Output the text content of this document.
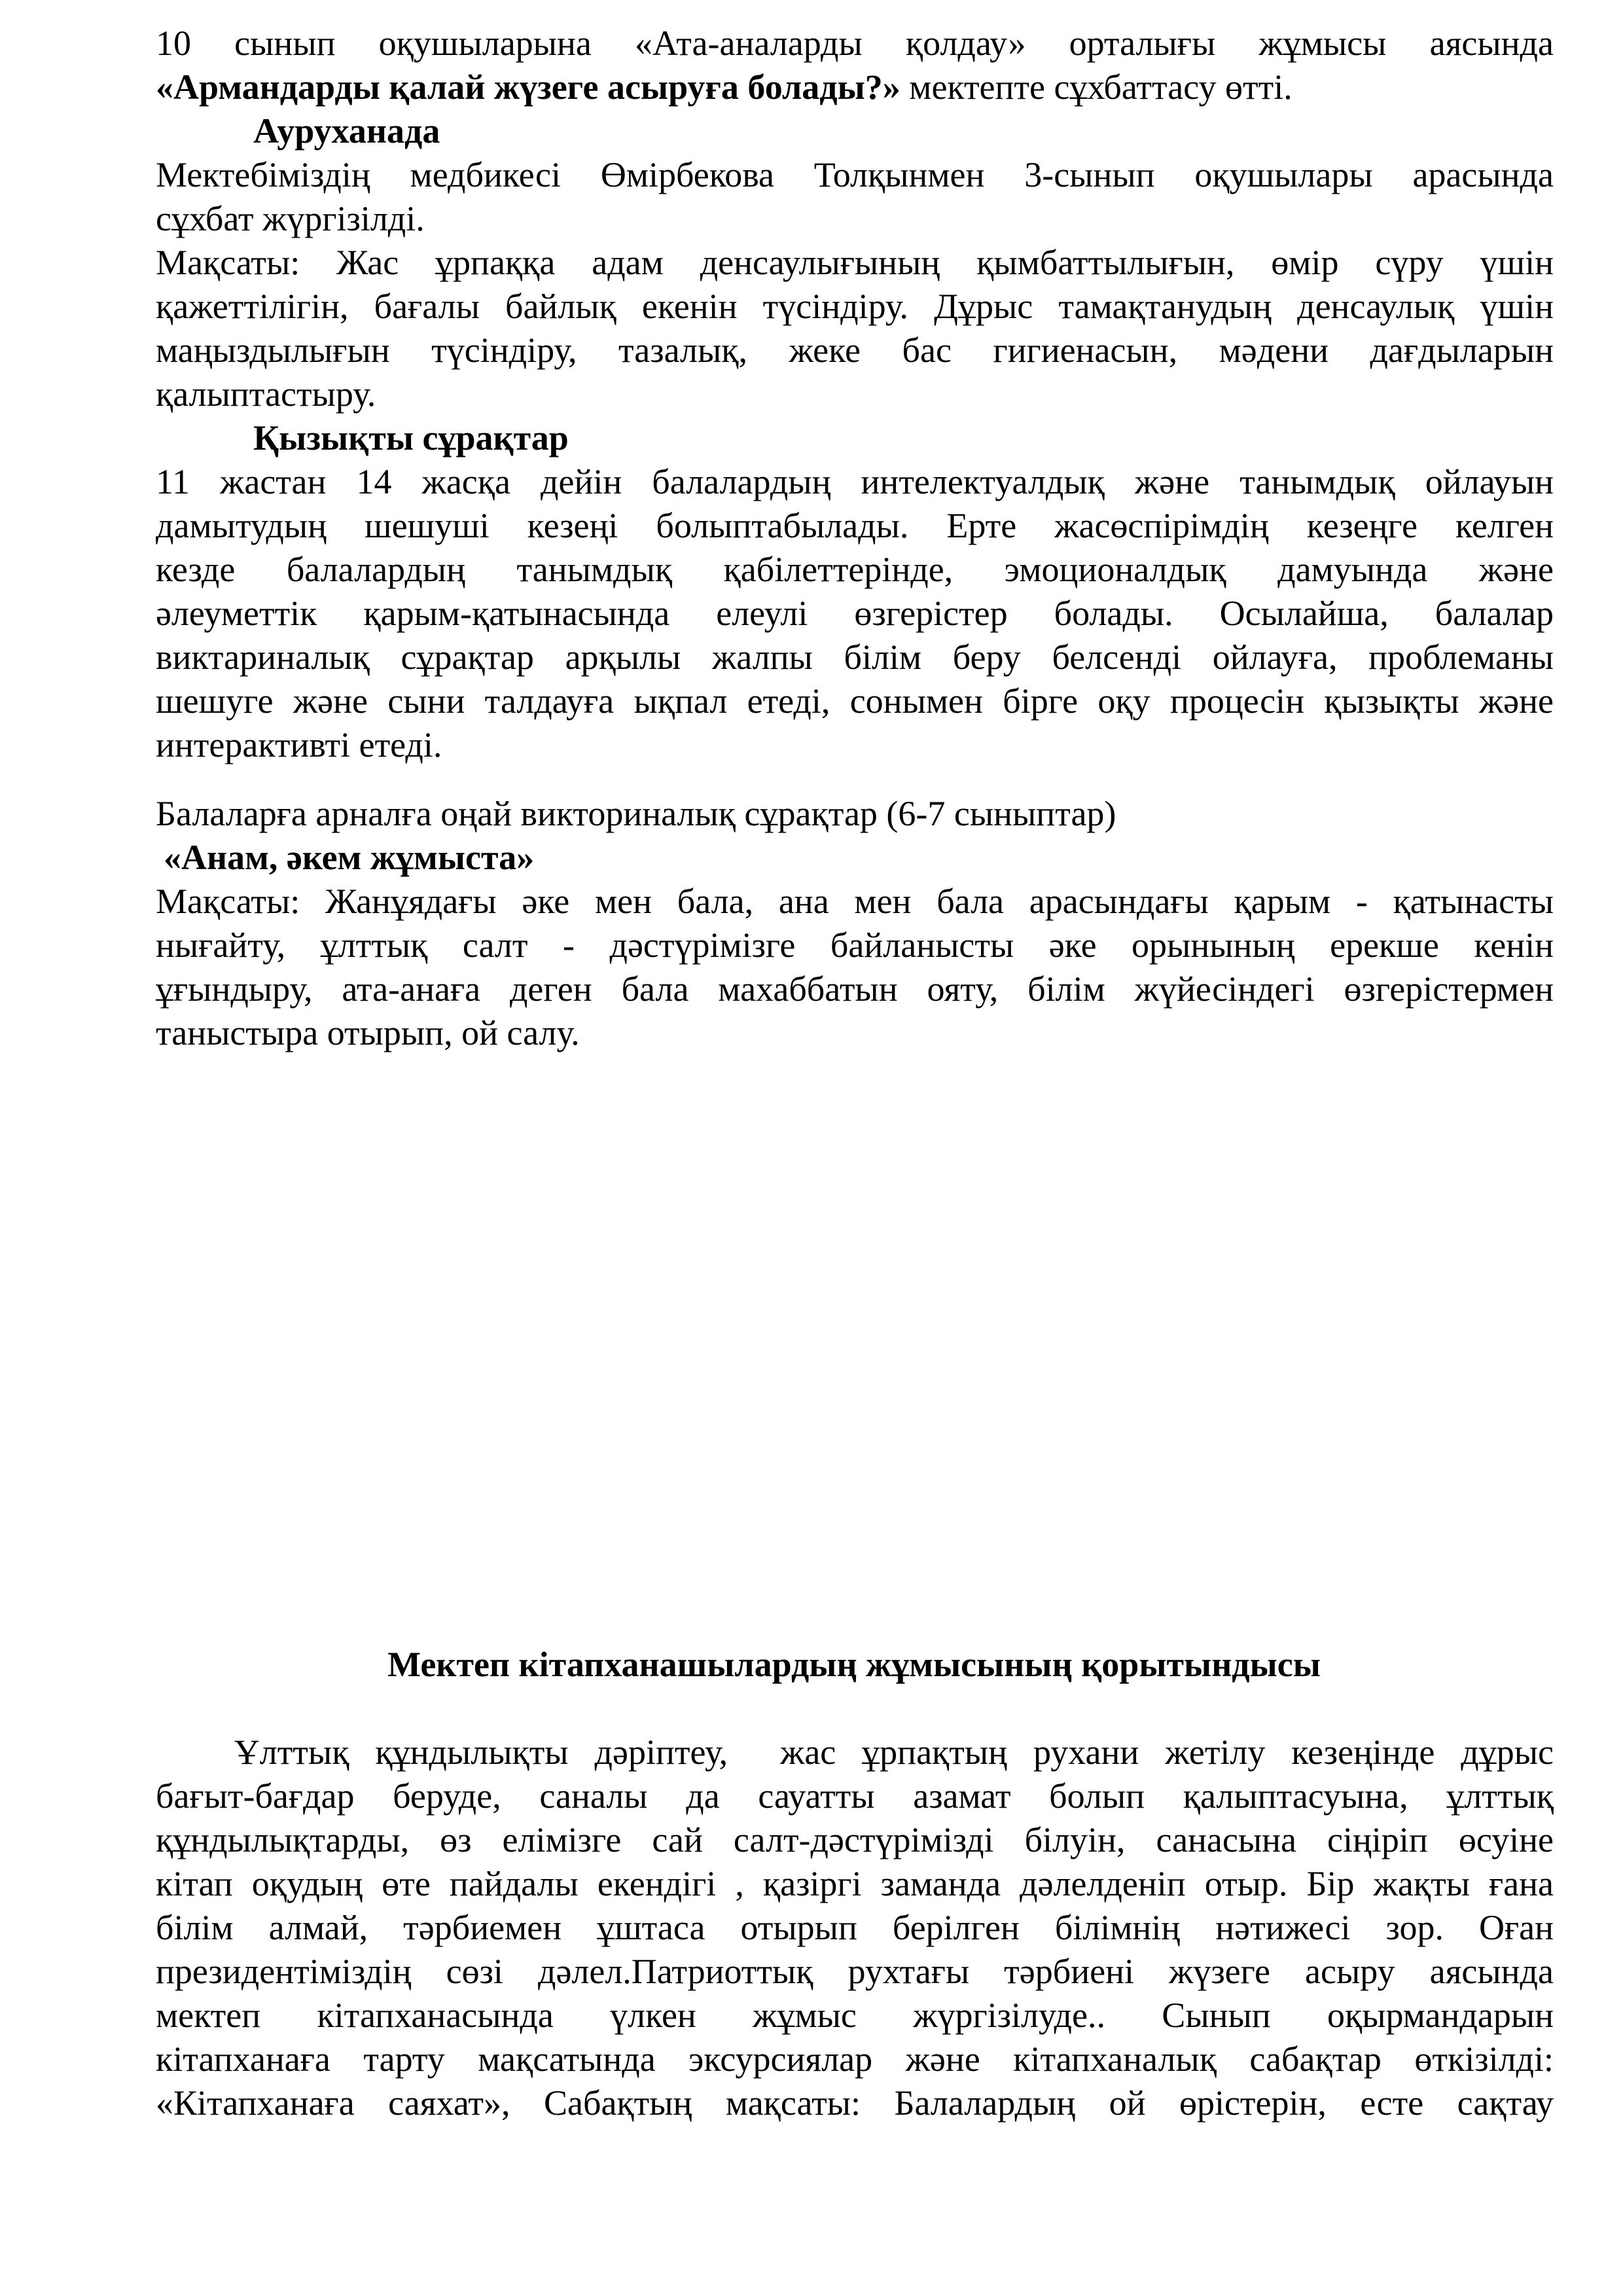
10 сынып оқушыларына «Ата-аналарды қолдау» орталығы жұмысы аясында
«Армандарды қалай жүзеге асыруға болады?» мектепте сұхбаттасу өтті.
Ауруханада
Мектебіміздің медбикесі Өмірбекова Толқынмен 3-сынып оқушылары арасында
сұхбат жүргізілді.
Мақсаты: Жас ұрпаққа адам денсаулығының қымбаттылығын, өмір сүру үшін
қажеттілігін, бағалы байлық екенін түсіндіру. Дұрыс тамақтанудың денсаулық үшін
маңыздылығын түсіндіру, тазалық, жеке бас гигиенасын, мәдени дағдыларын
қалыптастыру.
Қызықты сұрақтар
11 жастан 14 жасқа дейін балалардың интелектуалдық және танымдық ойлауын
дамытудың шешуші кезеңі болыптабылады. Ерте жасөспірімдің кезеңге келген
кезде балалардың танымдық қабілеттерінде, эмоционалдық дамуында және
әлеуметтік қарым-қатынасында елеулі өзгерістер болады. Осылайша, балалар
виктариналық сұрақтар арқылы жалпы білім беру белсенді ойлауға, проблеманы
шешуге және сыни талдауға ықпал етеді, сонымен бірге оқу процесін қызықты және
интерактивті етеді.
Балаларға арналға оңай викториналық сұрақтар (6-7 сыныптар)
«Анам, әкем жұмыста»
Мақсаты: Жанұядағы әке мен бала, ана мен бала арасындағы қарым - қатынасты
нығайту, ұлттық салт - дәстүрімізге байланысты әке орынының ерекше кенін
ұғындыру, ата-анаға деген бала махаббатын ояту, білім жүйесіндегі өзгерістермен
таныстыра отырып, ой салу.
Мектеп кітапханашылардың жұмысының қорытындысы
Ұлттық құндылықты дәріптеу,  жас ұрпақтың рухани жетілу кезеңінде дұрыс
бағыт-бағдар беруде, саналы да сауатты азамат болып қалыптасуына, ұлттық
құндылықтарды, өз елімізге сай салт-дәстүрімізді білуін, санасына сіңіріп өсуіне
кітап оқудың өте пайдалы екендігі , қазіргі заманда дәлелденіп отыр. Бір жақты ғана
білім алмай, тәрбиемен ұштаса отырып берілген білімнің нәтижесі зор. Оған
президентіміздің сөзі дәлел.Патриоттық рухтағы тәрбиені жүзеге асыру аясында
мектеп кітапханасында үлкен жұмыс жүргізілуде.. Сынып оқырмандарын
кітапханаға тарту мақсатында эксурсиялар және кітапханалық сабақтар өткізілді:
«Кітапханаға саяхат», Сабақтың мақсаты: Балалардың ой өрістерін, есте сақтау
